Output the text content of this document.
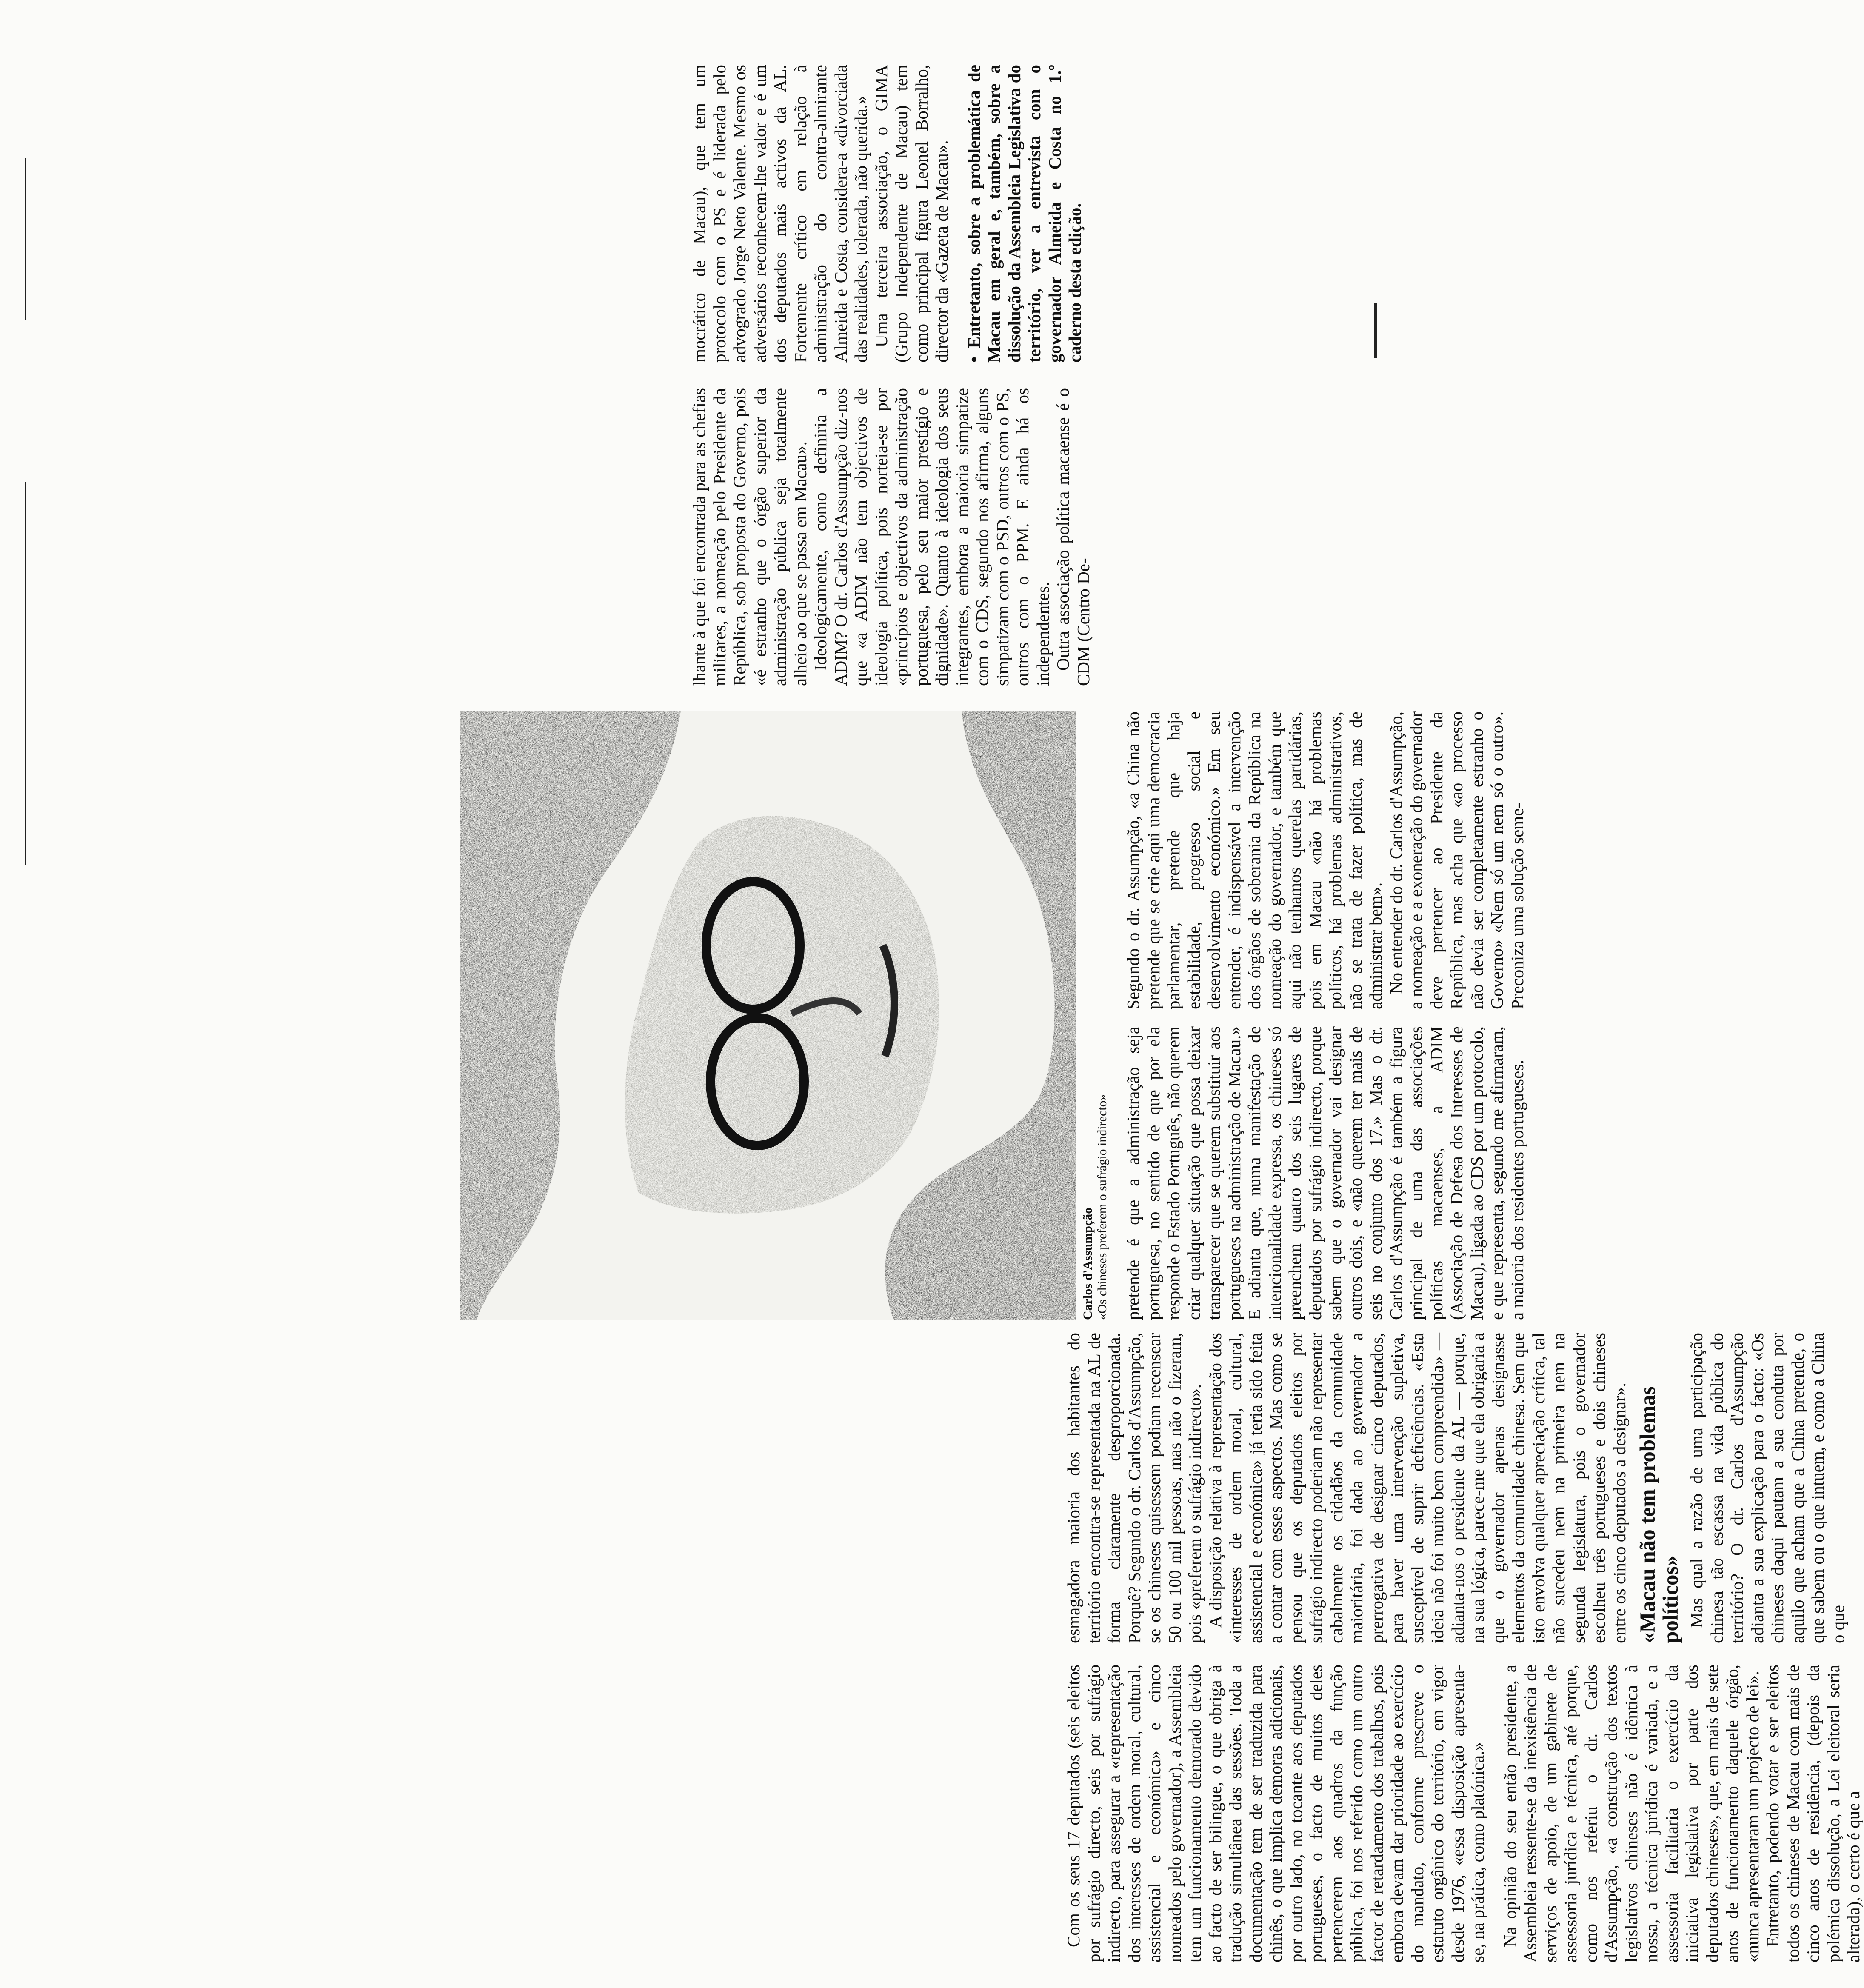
Com os seus 17 deputados (seis eleitos por sufrágio directo, seis por sufrágio indirecto, para assegurar a «representação dos interesses de ordem moral, cultural, assistencial e económica» e cinco nomeados pelo governador), a Assembleia tem um funcionamento demorado devido ao facto de ser bilingue, o que obriga à tradução simultânea das sessões. Toda a documentação tem de ser traduzida para chinês, o que implica demoras adicionais, por outro lado, no tocante aos deputados portugueses, o facto de muitos deles pertencerem aos quadros da função pública, foi nos referido como um outro factor de retardamento dos trabalhos, pois embora devam dar prioridade ao exercício do mandato, conforme prescreve o estatuto orgânico do território, em vigor desde 1976, «essa disposição apresenta-se, na prática, como platónica.» Na opinião do seu então presidente, a Assembleia ressente-se da inexistência de serviços de apoio, de um gabinete de assessoria jurídica e técnica, até porque, como nos referiu o dr. Carlos d'Assumpção, «a construção dos textos legislativos chineses não é idêntica à nossa, a técnica jurídica é variada, e a assessoria facilitaria o exercício da iniciativa legislativa por parte dos deputados chineses», que, em mais de sete anos de funcionamento daquele órgão, «nunca apresentaram um projecto de lei». Entretanto, podendo votar e ser eleitos todos os chineses de Macau com mais de cinco anos de residência, (depois da polémica dissolução, a Lei eleitoral seria alterada), o certo é que a

esmagadora maioria dos habitantes do território encontra-se representada na AL de forma claramente desproporcionada. Porquê? Segundo o dr. Carlos d'Assumpção, se os chineses quisessem podiam recensear 50 ou 100 mil pessoas, mas não o fizeram, pois «preferem o sufrágio indirecto». A disposição relativa à representação dos «interesses de ordem moral, cultural, assistencial e económica» já teria sido feita a contar com esses aspectos. Mas como se pensou que os deputados eleitos por sufrágio indirecto poderiam não representar cabalmente os cidadãos da comunidade maioritária, foi dada ao governador a prerrogativa de designar cinco deputados, para haver uma intervenção supletiva, susceptível de suprir deficiências. «Esta ideia não foi muito bem compreendida» — adianta-nos o presidente da AL — porque, na sua lógica, parece-me que ela obrigaria a que o governador apenas designasse elementos da comunidade chinesa. Sem que isto envolva qualquer apreciação crítica, tal não sucedeu nem na primeira nem na segunda legislatura, pois o governador escolheu três portugueses e dois chineses entre os cinco deputados a designar». «Macau não tem problemas políticos» Mas qual a razão de uma participação chinesa tão escassa na vida pública do território? O dr. Carlos d'Assumpção adianta a sua explicação para o facto: «Os chineses daqui pautam a sua conduta por aquilo que acham que a China pretende, o que sabem ou o que intuem, e como a China o que

Carlos d'Assumpção «Os chineses preferem o sufrágio indirecto» pretende é que a administração seja portuguesa, no sentido de que por ela responde o Estado Português, não querem criar qualquer situação que possa deixar transparecer que se querem substituir aos portugueses na administração de Macau.» E adianta que, numa manifestação de intencionalidade expressa, os chineses só preenchem quatro dos seis lugares de deputados por sufrágio indirecto, porque sabem que o governador vai designar outros dois, e «não querem ter mais de seis no conjunto dos 17.» Mas o dr. Carlos d'Assumpção é também a figura principal de uma das associações políticas macaenses, a ADIM (Associação de Defesa dos Interesses de Macau), ligada ao CDS por um protocolo, e que representa, segundo me afirmaram, a maioria dos residentes portugueses.

Segundo o dr. Assumpção, «a China não pretende que se crie aqui uma democracia parlamentar, pretende que haja estabilidade, progresso social e desenvolvimento económico.» Em seu entender, é indispensável a intervenção dos órgãos de soberania da República na nomeação do governador, e também que aqui não tenhamos querelas partidárias, pois em Macau «não há problemas políticos, há problemas administrativos, não se trata de fazer política, mas de administrar bem». No entender do dr. Carlos d'Assumpção, a nomeação e a exoneração do governador deve pertencer ao Presidente da República, mas acha que «ao processo não devia ser completamente estranho o Governo» «Nem só um nem só o outro». Preconiza uma solução seme-

lhante à que foi encontrada para as chefias militares, a nomeação pelo Presidente da República, sob proposta do Governo, pois «é estranho que o órgão superior da administração pública seja totalmente alheio ao que se passa em Macau». Ideologicamente, como definiria a ADIM? O dr. Carlos d'Assumpção diz-nos que «a ADIM não tem objectivos de ideologia política, pois norteia-se por «princípios e objectivos da administração portuguesa, pelo seu maior prestígio e dignidade». Quanto à ideologia dos seus integrantes, embora a maioria simpatize com o CDS, segundo nos afirma, alguns simpatizam com o PSD, outros com o PS, outros com o PPM. E ainda há os independentes. Outra associação política macaense é o CDM (Centro De-

mocrático de Macau), que tem um protocolo com o PS e é liderada pelo advogrado Jorge Neto Valente. Mesmo os adversários reconhecem-lhe valor e é um dos deputados mais activos da AL. Fortemente crítico em relação à administração do contra-almirante Almeida e Costa, considera-a «divorciada das realidades, tolerada, não querida.» Uma terceira associação, o GIMA (Grupo Independente de Macau) tem como principal figura Leonel Borralho, director da «Gazeta de Macau». • Entretanto, sobre a problemática de Macau em geral e, também, sobre a dissolução da Assembleia Legislativa do território, ver a entrevista com o governador Almeida e Costa no 1.º caderno desta edição.
